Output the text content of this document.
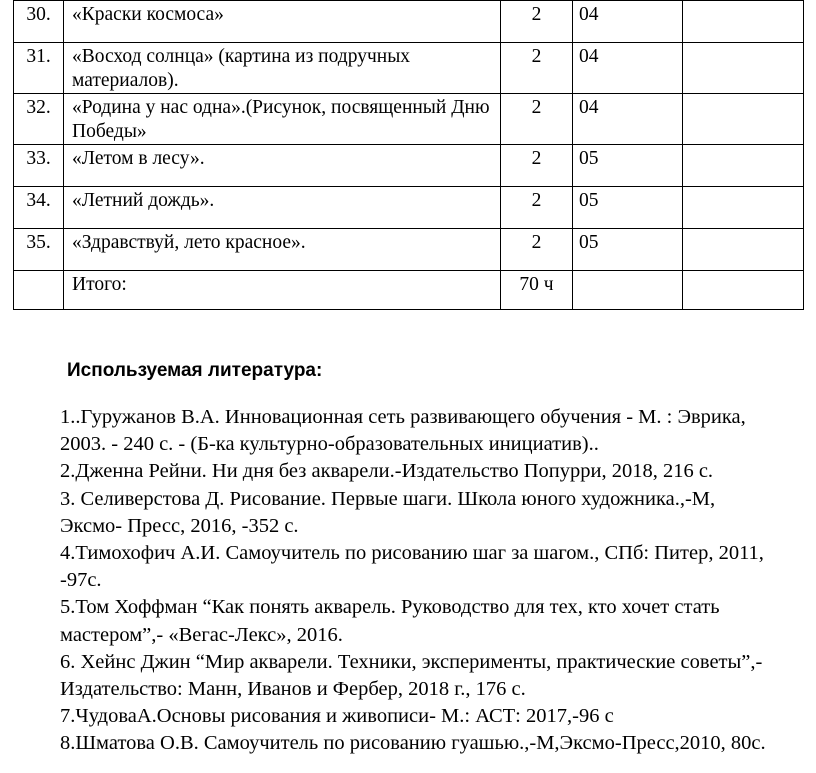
30.	«Краски космоса»	2	04	
31.	«Восход солнца» (картина из подручных материалов).	2	04	
32.	«Родина у нас одна».(Рисунок, посвященный Дню Победы»	2	04	
33.	«Летом в лесу».	2	05	
34.	«Летний дождь».	2	05	
35.	«Здравствуй, лето красное».	2	05	
	Итого:	70 ч		
Используемая литература:

1..Гуружанов В.А. Инновационная сеть развивающего обучения - М. : Эврика, 2003. - 240 с. - (Б-ка культурно-образовательных инициатив)..

2.Дженна Рейни. Ни дня без акварели.-Издательство Попурри, 2018, 216 с.

3. Селиверстова Д. Рисование. Первые шаги. Школа юного художника.,-М, Эксмо- Пресс, 2016, -352 с.

4.Тимохофич А.И. Самоучитель по рисованию шаг за шагом., СПб: Питер, 2011, -97с.

5.Том Хоффман “Как понять акварель. Руководство для тех, кто хочет стать мастером”,- «Вегас-Лекс», 2016.

6. Хейнс Джин “Мир акварели. Техники, эксперименты, практические советы”,- Издательство: Манн, Иванов и Фербер, 2018 г., 176 с.

7.ЧудоваА.Основы рисования и живописи- М.: АСТ: 2017,-96 с

8.Шматова О.В. Самоучитель по рисованию гуашью.,-М,Эксмо-Пресс,2010, 80с.
